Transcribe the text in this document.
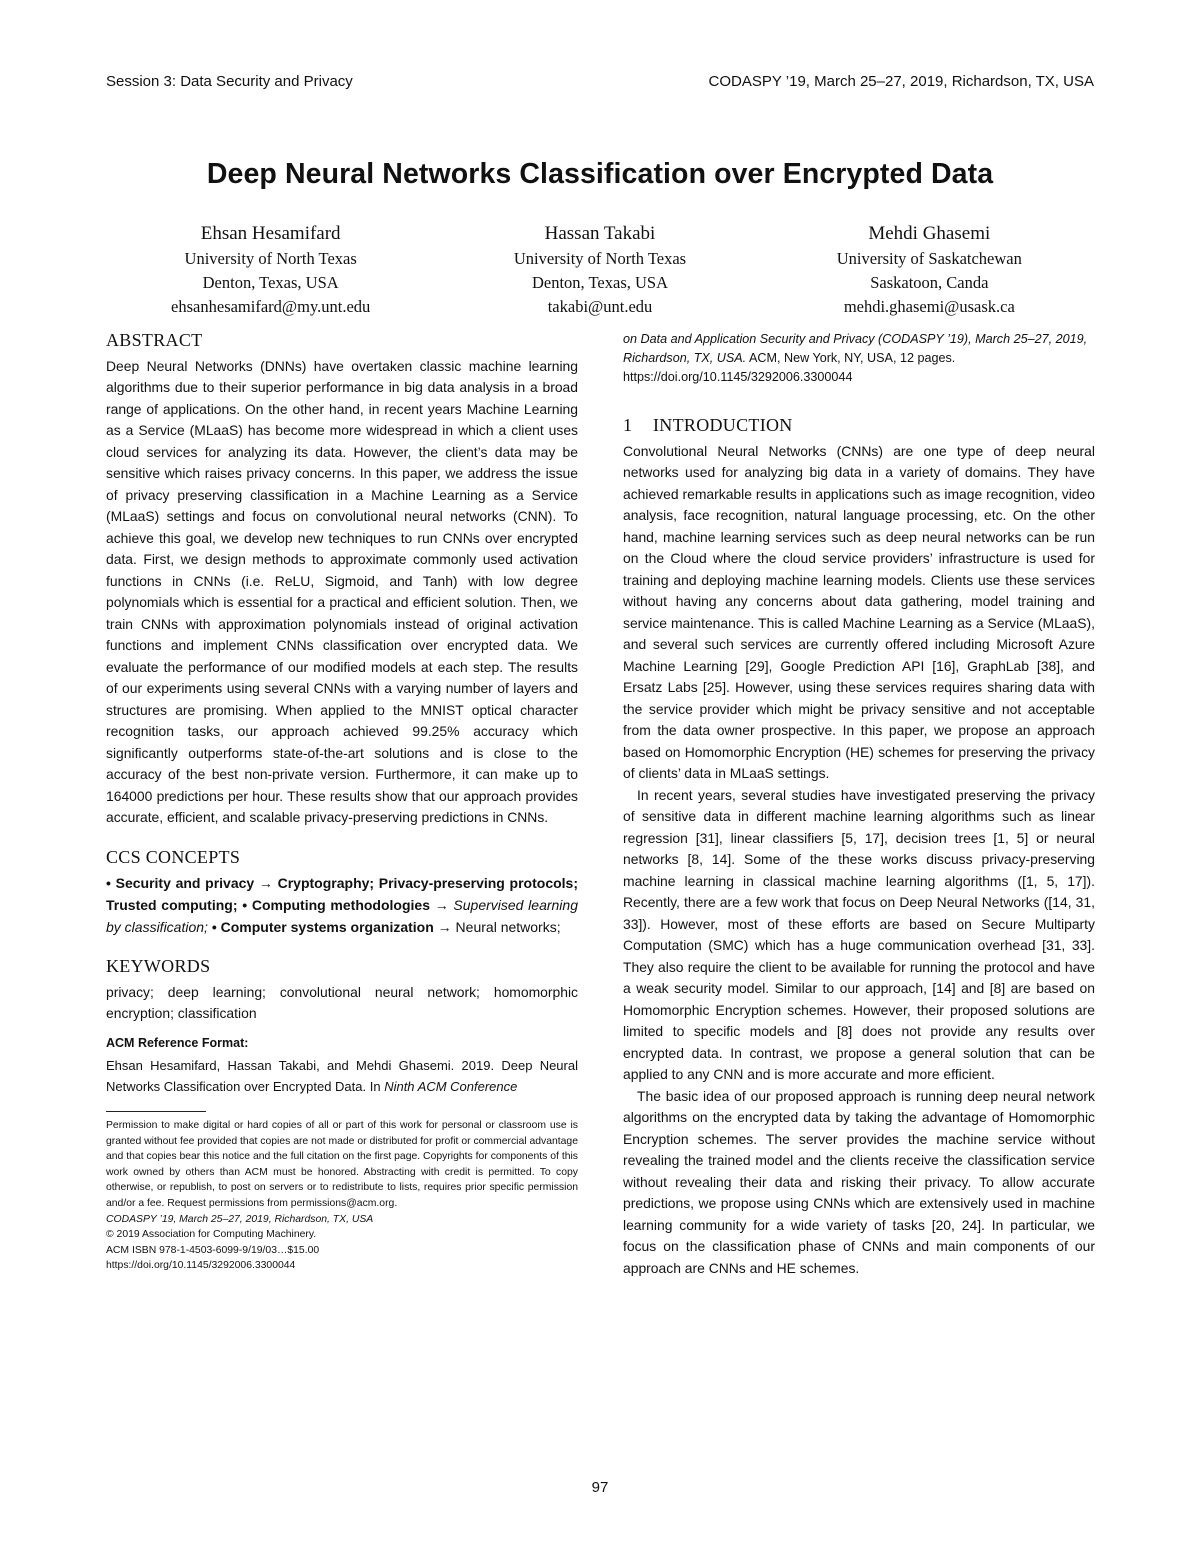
Session 3: Data Security and Privacy	CODASPY ’19, March 25–27, 2019, Richardson, TX, USA
Deep Neural Networks Classification over Encrypted Data
Ehsan Hesamifard
University of North Texas
Denton, Texas, USA
ehsanhesamifard@my.unt.edu
Hassan Takabi
University of North Texas
Denton, Texas, USA
takabi@unt.edu
Mehdi Ghasemi
University of Saskatchewan
Saskatoon, Canda
mehdi.ghasemi@usask.ca
ABSTRACT

Deep Neural Networks (DNNs) have overtaken classic machine learning algorithms due to their superior performance in big data analysis in a broad range of applications. On the other hand, in recent years Machine Learning as a Service (MLaaS) has become more widespread in which a client uses cloud services for analyzing its data. However, the client’s data may be sensitive which raises privacy concerns. In this paper, we address the issue of privacy preserving classification in a Machine Learning as a Service (MLaaS) settings and focus on convolutional neural networks (CNN). To achieve this goal, we develop new techniques to run CNNs over encrypted data. First, we design methods to approximate commonly used activation functions in CNNs (i.e. ReLU, Sigmoid, and Tanh) with low degree polynomials which is essential for a practical and efficient solution. Then, we train CNNs with approximation polynomials instead of original activation functions and implement CNNs classification over encrypted data. We evaluate the performance of our modified models at each step. The results of our experiments using several CNNs with a varying number of layers and structures are promising. When applied to the MNIST optical character recognition tasks, our approach achieved 99.25% accuracy which significantly outperforms state-of-the-art solutions and is close to the accuracy of the best non-private version. Furthermore, it can make up to 164000 predictions per hour. These results show that our approach provides accurate, efficient, and scalable privacy-preserving predictions in CNNs.

CCS CONCEPTS
• Security and privacy → Cryptography; Privacy-preserving protocols; Trusted computing; • Computing methodologies → Supervised learning by classification; • Computer systems organization → Neural networks;
KEYWORDS

privacy; deep learning; convolutional neural network; homomorphic encryption; classification

ACM Reference Format:
Ehsan Hesamifard, Hassan Takabi, and Mehdi Ghasemi. 2019. Deep Neural Networks Classification over Encrypted Data. In Ninth ACM Conference
Permission to make digital or hard copies of all or part of this work for personal or classroom use is granted without fee provided that copies are not made or distributed for profit or commercial advantage and that copies bear this notice and the full citation on the first page. Copyrights for components of this work owned by others than ACM must be honored. Abstracting with credit is permitted. To copy otherwise, or republish, to post on servers or to redistribute to lists, requires prior specific permission and/or a fee. Request permissions from permissions@acm.org.
CODASPY ’19, March 25–27, 2019, Richardson, TX, USA
© 2019 Association for Computing Machinery.
ACM ISBN 978-1-4503-6099-9/19/03…$15.00
https://doi.org/10.1145/3292006.3300044
on Data and Application Security and Privacy (CODASPY ’19), March 25–27, 2019, Richardson, TX, USA. ACM, New York, NY, USA, 12 pages. https://doi.org/10.1145/3292006.3300044
1 INTRODUCTION

Convolutional Neural Networks (CNNs) are one type of deep neural networks used for analyzing big data in a variety of domains. They have achieved remarkable results in applications such as image recognition, video analysis, face recognition, natural language processing, etc. On the other hand, machine learning services such as deep neural networks can be run on the Cloud where the cloud service providers’ infrastructure is used for training and deploying machine learning models. Clients use these services without having any concerns about data gathering, model training and service maintenance. This is called Machine Learning as a Service (MLaaS), and several such services are currently offered including Microsoft Azure Machine Learning [29], Google Prediction API [16], GraphLab [38], and Ersatz Labs [25]. However, using these services requires sharing data with the service provider which might be privacy sensitive and not acceptable from the data owner prospective. In this paper, we propose an approach based on Homomorphic Encryption (HE) schemes for preserving the privacy of clients’ data in MLaaS settings.

In recent years, several studies have investigated preserving the privacy of sensitive data in different machine learning algorithms such as linear regression [31], linear classifiers [5, 17], decision trees [1, 5] or neural networks [8, 14]. Some of the these works discuss privacy-preserving machine learning in classical machine learning algorithms ([1, 5, 17]). Recently, there are a few work that focus on Deep Neural Networks ([14, 31, 33]). However, most of these efforts are based on Secure Multiparty Computation (SMC) which has a huge communication overhead [31, 33]. They also require the client to be available for running the protocol and have a weak security model. Similar to our approach, [14] and [8] are based on Homomorphic Encryption schemes. However, their proposed solutions are limited to specific models and [8] does not provide any results over encrypted data. In contrast, we propose a general solution that can be applied to any CNN and is more accurate and more efficient.

The basic idea of our proposed approach is running deep neural network algorithms on the encrypted data by taking the advantage of Homomorphic Encryption schemes. The server provides the machine service without revealing the trained model and the clients receive the classification service without revealing their data and risking their privacy. To allow accurate predictions, we propose using CNNs which are extensively used in machine learning community for a wide variety of tasks [20, 24]. In particular, we focus on the classification phase of CNNs and main components of our approach are CNNs and HE schemes.

97
